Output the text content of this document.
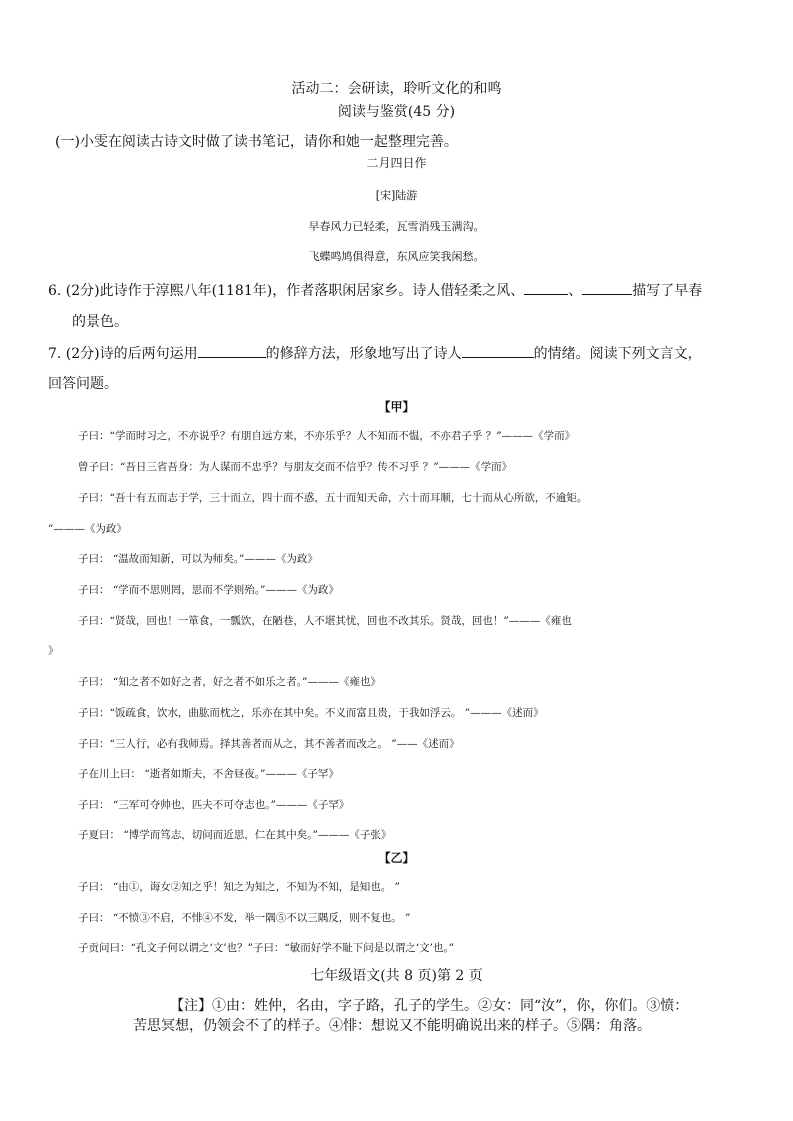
活动二：会研读，聆听文化的和鸣
阅读与鉴赏(45 分)
(一)小雯在阅读古诗文时做了读书笔记，请你和她一起整理完善。
二月四日作
[宋]陆游
早春风力已轻柔，瓦雪消残玉满沟。
飞蝶鸣鸠俱得意，东风应笑我闲愁。
6. (2分)此诗作于淳熙八年(1181年)，作者落职闲居家乡。诗人借轻柔之风、	、	描写了早春
的景色。
7. (2分)诗的后两句运用	的修辞方法，形象地写出了诗人	的情绪。阅读下列文言文，
回答问题。
【甲】
子曰：“学而时习之，不亦说乎？有朋自远方来，不亦乐乎？人不知而不愠，不亦君子乎 ？”———《学而》
曾子曰：“吾日三省吾身：为人谋而不忠乎？与朋友交而不信乎？传不习乎 ？”———《学而》
子曰：“吾十有五而志于学，三十而立，四十而不惑，五十而知天命，六十而耳顺，七十而从心所欲，不逾矩。
”———《为政》
子曰： “温故而知新，可以为师矣。”———《为政》
子曰： “学而不思则罔，思而不学则殆。”———《为政》
子曰：“贤哉，回也！一箪食，一瓢饮，在陋巷，人不堪其忧，回也不改其乐。贤哉，回也！”———《雍也
》
子曰： “知之者不如好之者，好之者不如乐之者。”———《雍也》
子曰：“饭疏食，饮水，曲肱而枕之，乐亦在其中矣。不义而富且贵，于我如浮云。 ”———《述而》
子曰：“三人行，必有我师焉。择其善者而从之，其不善者而改之。 ”——《述而》
子在川上曰： “逝者如斯夫，不舍昼夜。”———《子罕》
子曰： “三军可夺帅也，匹夫不可夺志也。”———《子罕》
子夏曰： “博学而笃志，切问而近思，仁在其中矣。”———《子张》
【乙】
子曰： “由①，诲女②知之乎！知之为知之，不知为不知，是知也。 ”
子曰： “不愤③不启，不悱④不发，举一隅⑤不以三隅反，则不复也。 ”
子贡问曰：“孔文子何以谓之‘文’也？”子曰：“敏而好学不耻下问是以谓之‘文’也。”
七年级语文(共 8 页)第 2 页
【注】①由：姓仲，名由，字子路，孔子的学生。②女：同“汝”，你，你们。③愤：
苦思冥想，仍领会不了的样子。④悱：想说又不能明确说出来的样子。⑤隅：角落。
